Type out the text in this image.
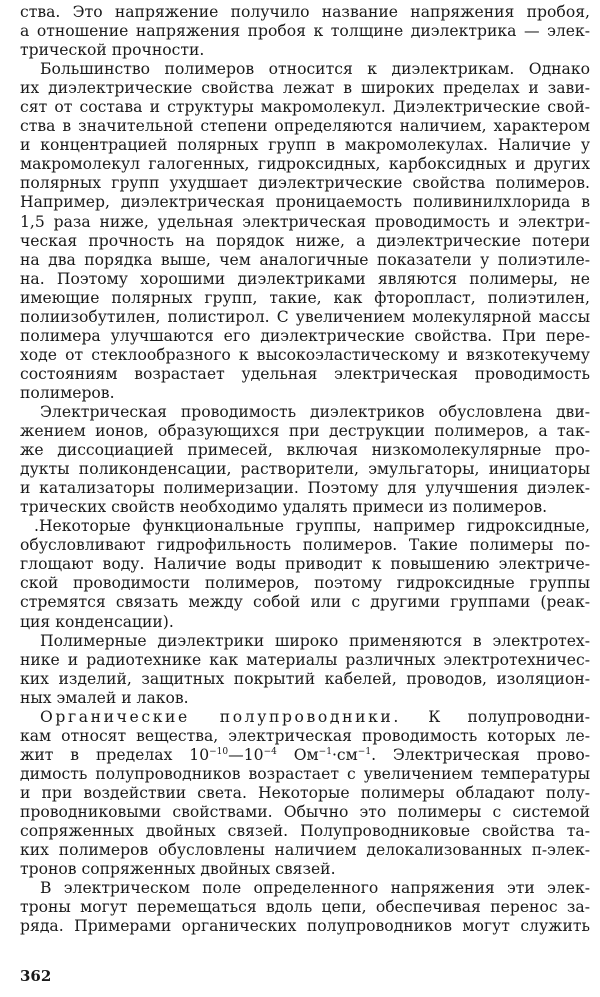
ства. Это напряжение получило название напряжения пробоя,
а отношение напряжения пробоя к толщине диэлектрика — элек-
трической прочности.
Большинство полимеров относится к диэлектрикам. Однако
их диэлектрические свойства лежат в широких пределах и зави-
сят от состава и структуры макромолекул. Диэлектрические свой-
ства в значительной степени определяются наличием, характером
и концентрацией полярных групп в макромолекулах. Наличие у
макромолекул галогенных, гидроксидных, карбоксидных и других
полярных групп ухудшает диэлектрические свойства полимеров.
Например, диэлектрическая проницаемость поливинилхлорида в
1,5 раза ниже, удельная электрическая проводимость и электри-
ческая прочность на порядок ниже, а диэлектрические потери
на два порядка выше, чем аналогичные показатели у полиэтиле-
на. Поэтому хорошими диэлектриками являются полимеры, не
имеющие полярных групп, такие, как фторопласт, полиэтилен,
полиизобутилен, полистирол. С увеличением молекулярной массы
полимера улучшаются его диэлектрические свойства. При пере-
ходе от стеклообразного к высокоэластическому и вязкотекучему
состояниям возрастает удельная электрическая проводимость
полимеров.
Электрическая проводимость диэлектриков обусловлена дви-
жением ионов, образующихся при деструкции полимеров, а так-
же диссоциацией примесей, включая низкомолекулярные про-
дукты поликонденсации, растворители, эмульгаторы, инициаторы
и катализаторы полимеризации. Поэтому для улучшения диэлек-
трических свойств необходимо удалять примеси из полимеров.
.Некоторые функциональные группы, например гидроксидные,
обусловливают гидрофильность полимеров. Такие полимеры по-
глощают воду. Наличие воды приводит к повышению электриче-
ской проводимости полимеров, поэтому гидроксидные группы
стремятся связать между собой или с другими группами (реак-
ция конденсации).
Полимерные диэлектрики широко применяются в электротех-
нике и радиотехнике как материалы различных электротехничес-
ких изделий, защитных покрытий кабелей, проводов, изоляцион-
ных эмалей и лаков.
Органические полупроводники. К полупроводни-
кам относят вещества, электрическая проводимость которых ле-
жит в пределах $10^{-10}—10^{-4}$ $Ом^{-1}\cdot см^{-1}$. Электрическая прово-
димость полупроводников возрастает с увеличением температуры
и при воздействии света. Некоторые полимеры обладают полу-
проводниковыми свойствами. Обычно это полимеры с системой
сопряженных двойных связей. Полупроводниковые свойства та-
ких полимеров обусловлены наличием делокализованных π-элек-
тронов сопряженных двойных связей.
В электрическом поле определенного напряжения эти элек-
троны могут перемещаться вдоль цепи, обеспечивая перенос за-
ряда. Примерами органических полупроводников могут служить
362
